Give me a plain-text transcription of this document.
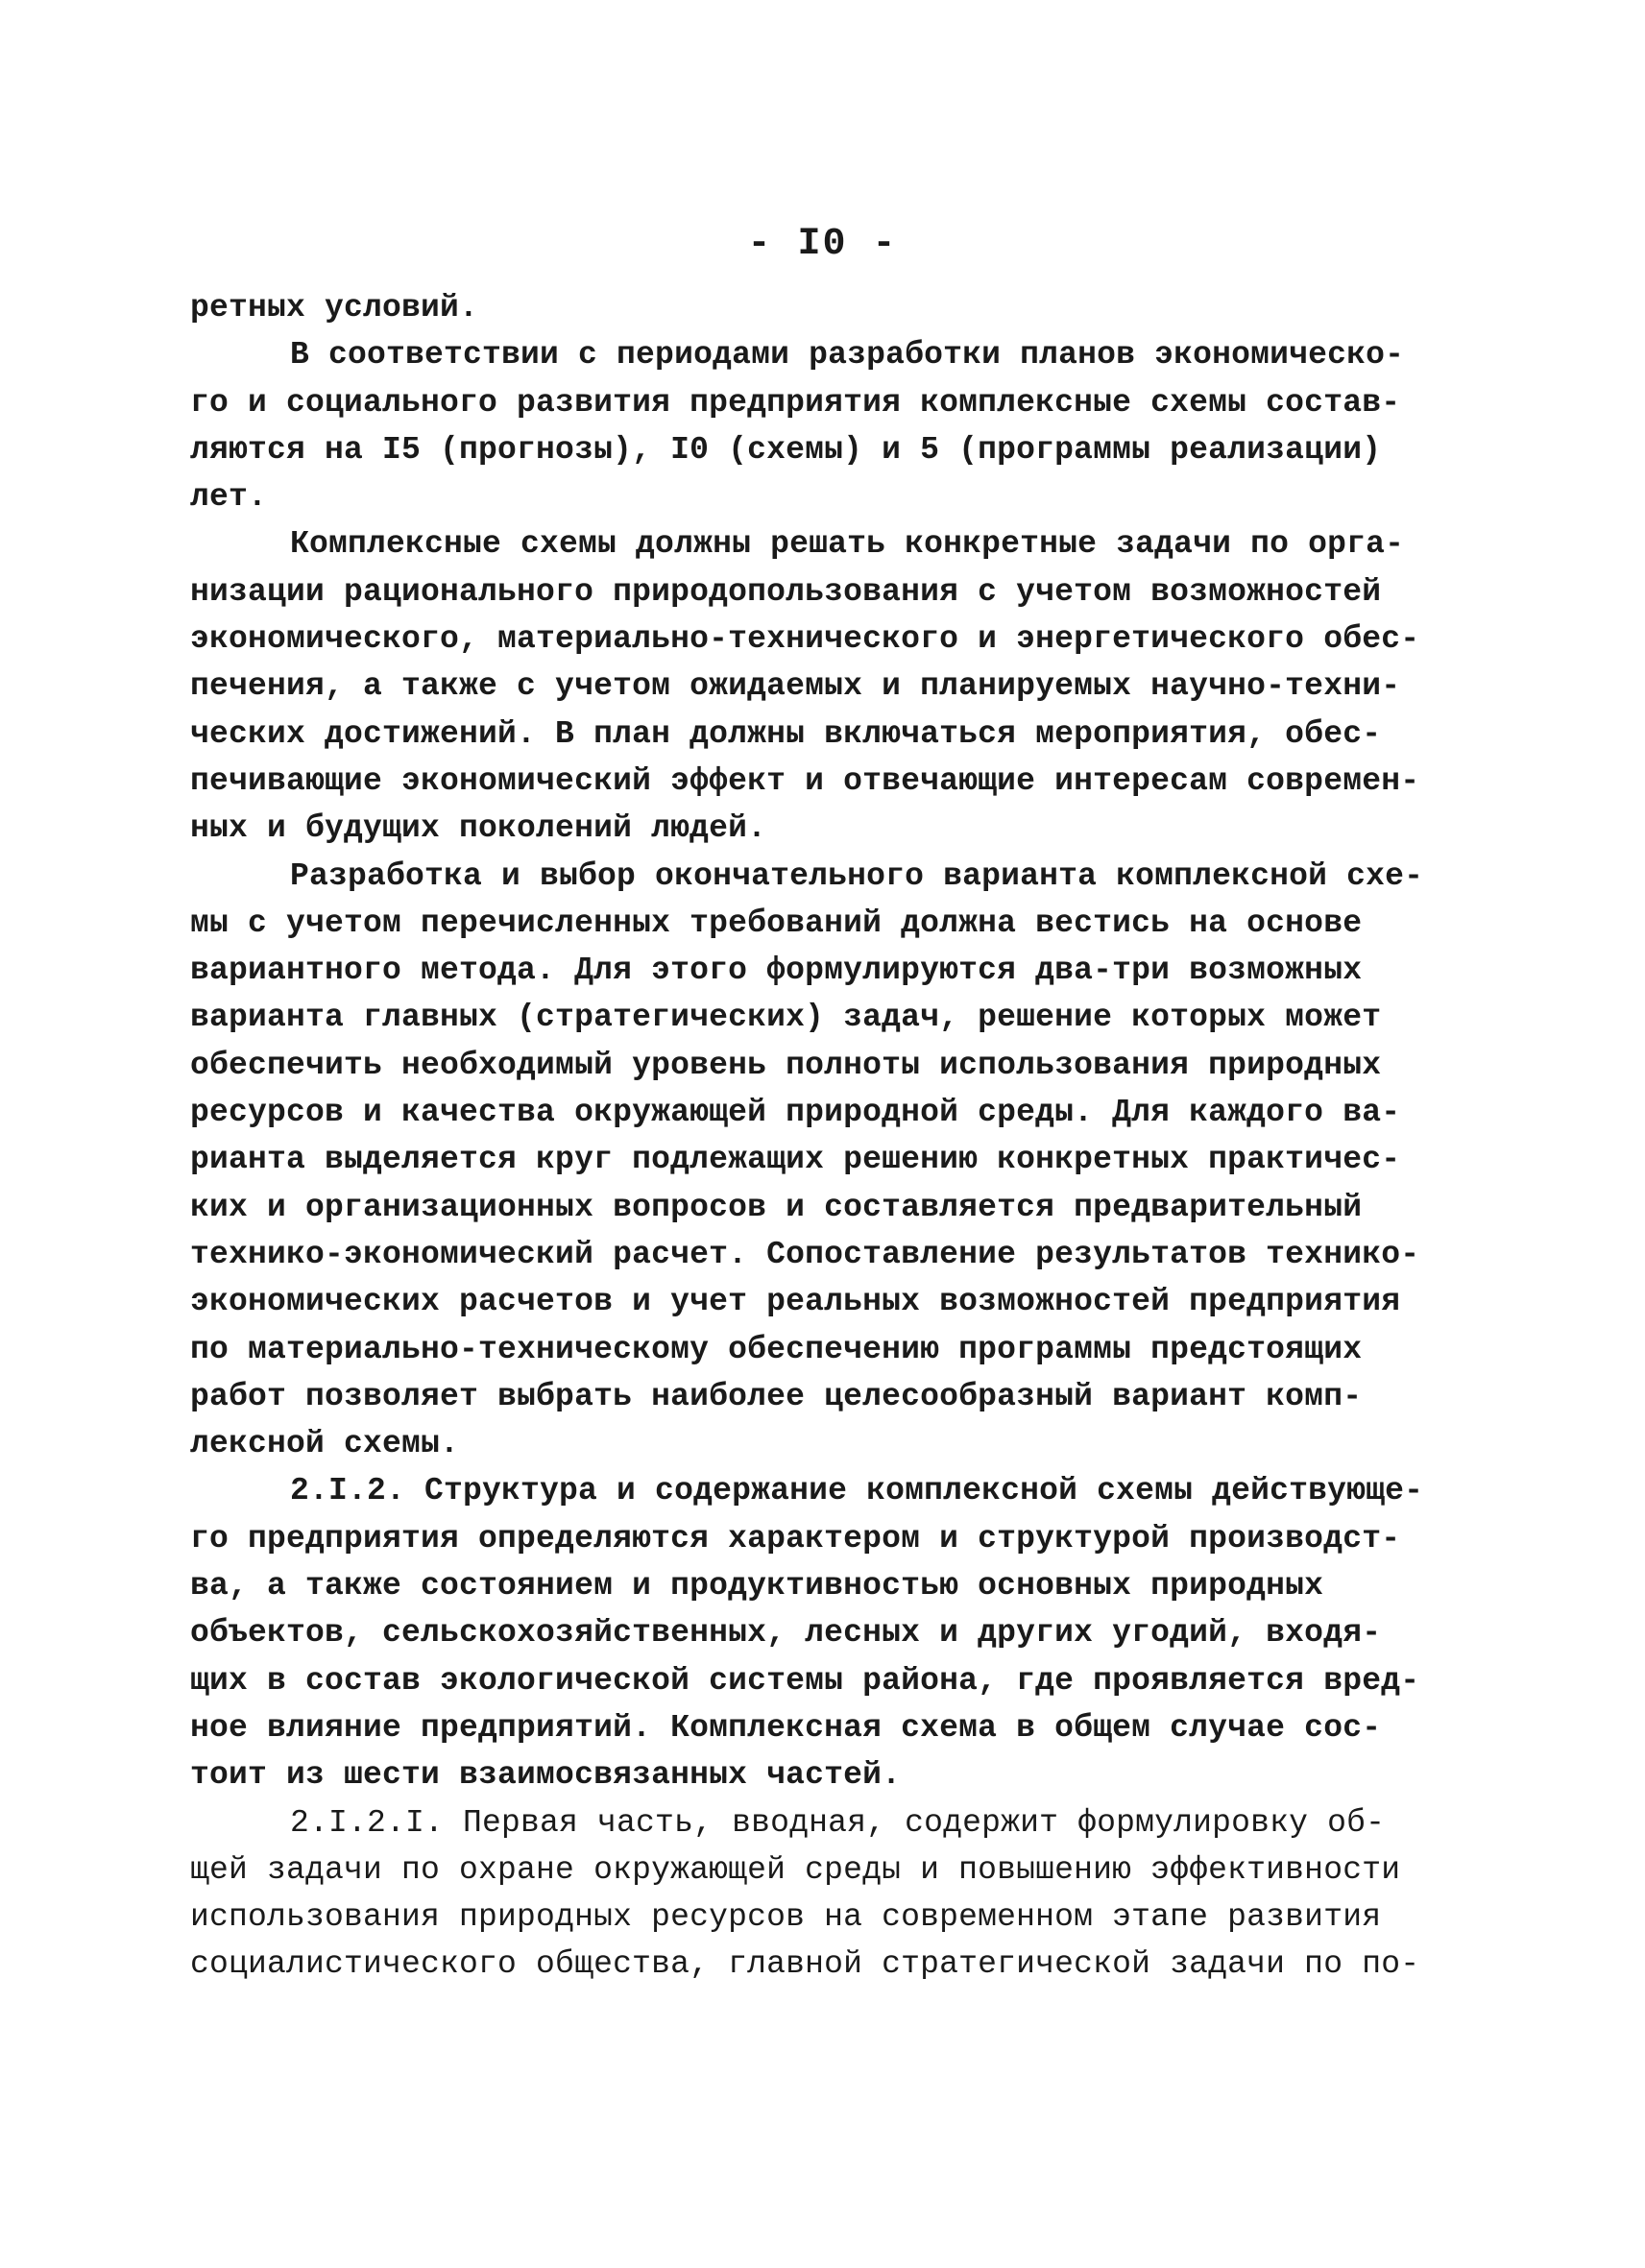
- I0 -
ретных условий.
В соответствии с периодами разработки планов экономическо-
го и социального развития предприятия комплексные схемы состав-
ляются на I5 (прогнозы), I0 (схемы) и 5 (программы реализации)
лет.
Комплексные схемы должны решать конкретные задачи по орга-
низации рационального природопользования с учетом возможностей
экономического, материально-технического и энергетического обес-
печения, а также с учетом ожидаемых и планируемых научно-техни-
ческих достижений. В план должны включаться мероприятия, обес-
печивающие экономический эффект и отвечающие интересам современ-
ных и будущих поколений людей.
Разработка и выбор окончательного варианта комплексной схе-
мы с учетом перечисленных требований должна вестись на основе
вариантного метода. Для этого формулируются два-три возможных
варианта главных (стратегических) задач, решение которых может
обеспечить необходимый уровень полноты использования природных
ресурсов и качества окружающей природной среды. Для каждого ва-
рианта выделяется круг подлежащих решению конкретных практичес-
ких и организационных вопросов и составляется предварительный
технико-экономический расчет. Сопоставление результатов технико-
экономических расчетов и учет реальных возможностей предприятия
по материально-техническому обеспечению программы предстоящих
работ позволяет выбрать наиболее целесообразный вариант комп-
лексной схемы.
2.I.2. Структура и содержание комплексной схемы действующе-
го предприятия определяются характером и структурой производст-
ва, а также состоянием и продуктивностью основных природных
объектов, сельскохозяйственных, лесных и других угодий, входя-
щих в состав экологической системы района, где проявляется вред-
ное влияние предприятий. Комплексная схема в общем случае сос-
тоит из шести взаимосвязанных частей.
2.I.2.I. Первая часть, вводная, содержит формулировку об-
щей задачи по охране окружающей среды и повышению эффективности
использования природных ресурсов на современном этапе развития
социалистического общества, главной стратегической задачи по по-
